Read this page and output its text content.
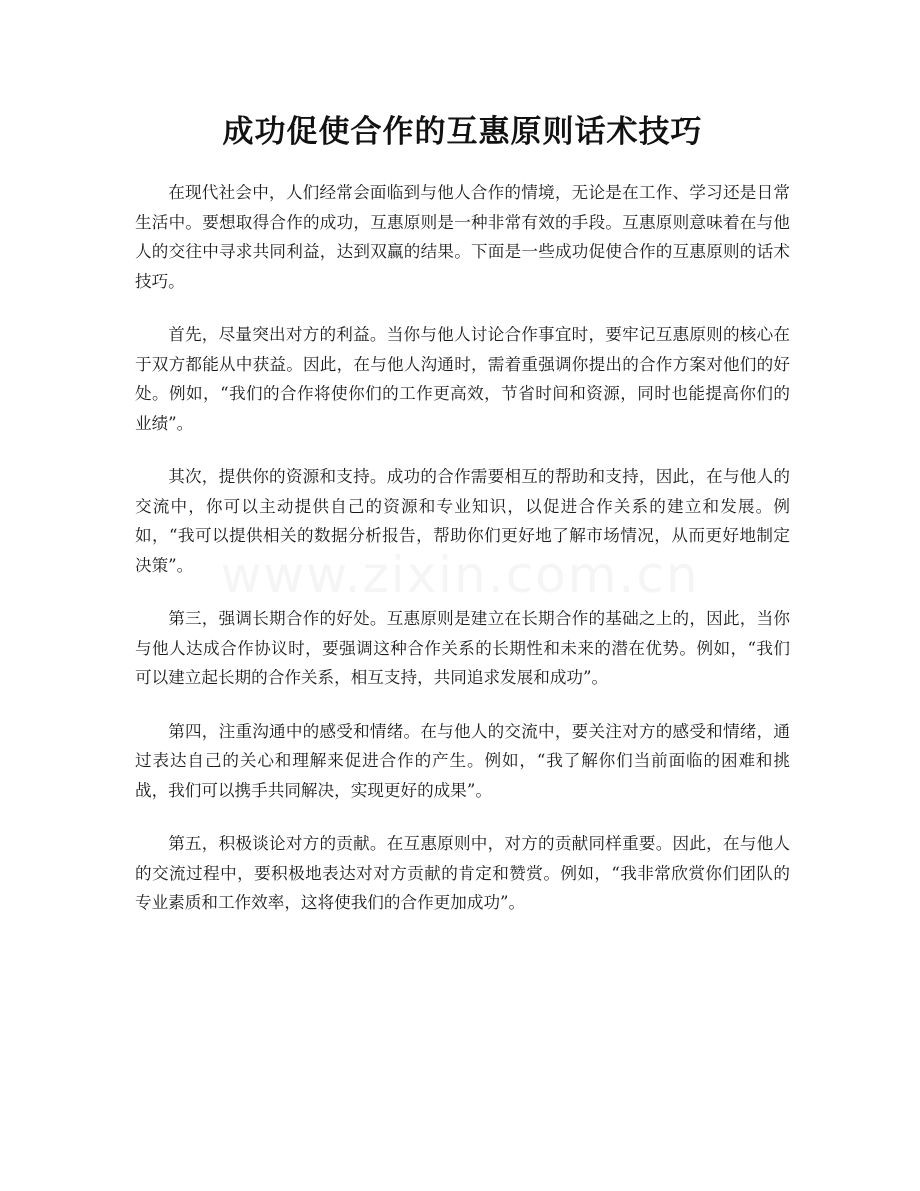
成功促使合作的互惠原则话术技巧

在现代社会中，人们经常会面临到与他人合作的情境，无论是在工作、学习还是日常生活中。要想取得合作的成功，互惠原则是一种非常有效的手段。互惠原则意味着在与他人的交往中寻求共同利益，达到双赢的结果。下面是一些成功促使合作的互惠原则的话术技巧。

首先，尽量突出对方的利益。当你与他人讨论合作事宜时，要牢记互惠原则的核心在于双方都能从中获益。因此，在与他人沟通时，需着重强调你提出的合作方案对他们的好处。例如，“我们的合作将使你们的工作更高效，节省时间和资源，同时也能提高你们的业绩”。

其次，提供你的资源和支持。成功的合作需要相互的帮助和支持，因此，在与他人的交流中，你可以主动提供自己的资源和专业知识，以促进合作关系的建立和发展。例如，“我可以提供相关的数据分析报告，帮助你们更好地了解市场情况，从而更好地制定决策”。

第三，强调长期合作的好处。互惠原则是建立在长期合作的基础之上的，因此，当你与他人达成合作协议时，要强调这种合作关系的长期性和未来的潜在优势。例如，“我们可以建立起长期的合作关系，相互支持，共同追求发展和成功”。

第四，注重沟通中的感受和情绪。在与他人的交流中，要关注对方的感受和情绪，通过表达自己的关心和理解来促进合作的产生。例如，“我了解你们当前面临的困难和挑战，我们可以携手共同解决，实现更好的成果”。

第五，积极谈论对方的贡献。在互惠原则中，对方的贡献同样重要。因此，在与他人的交流过程中，要积极地表达对对方贡献的肯定和赞赏。例如，“我非常欣赏你们团队的专业素质和工作效率，这将使我们的合作更加成功”。

www.zixin.com.cn
